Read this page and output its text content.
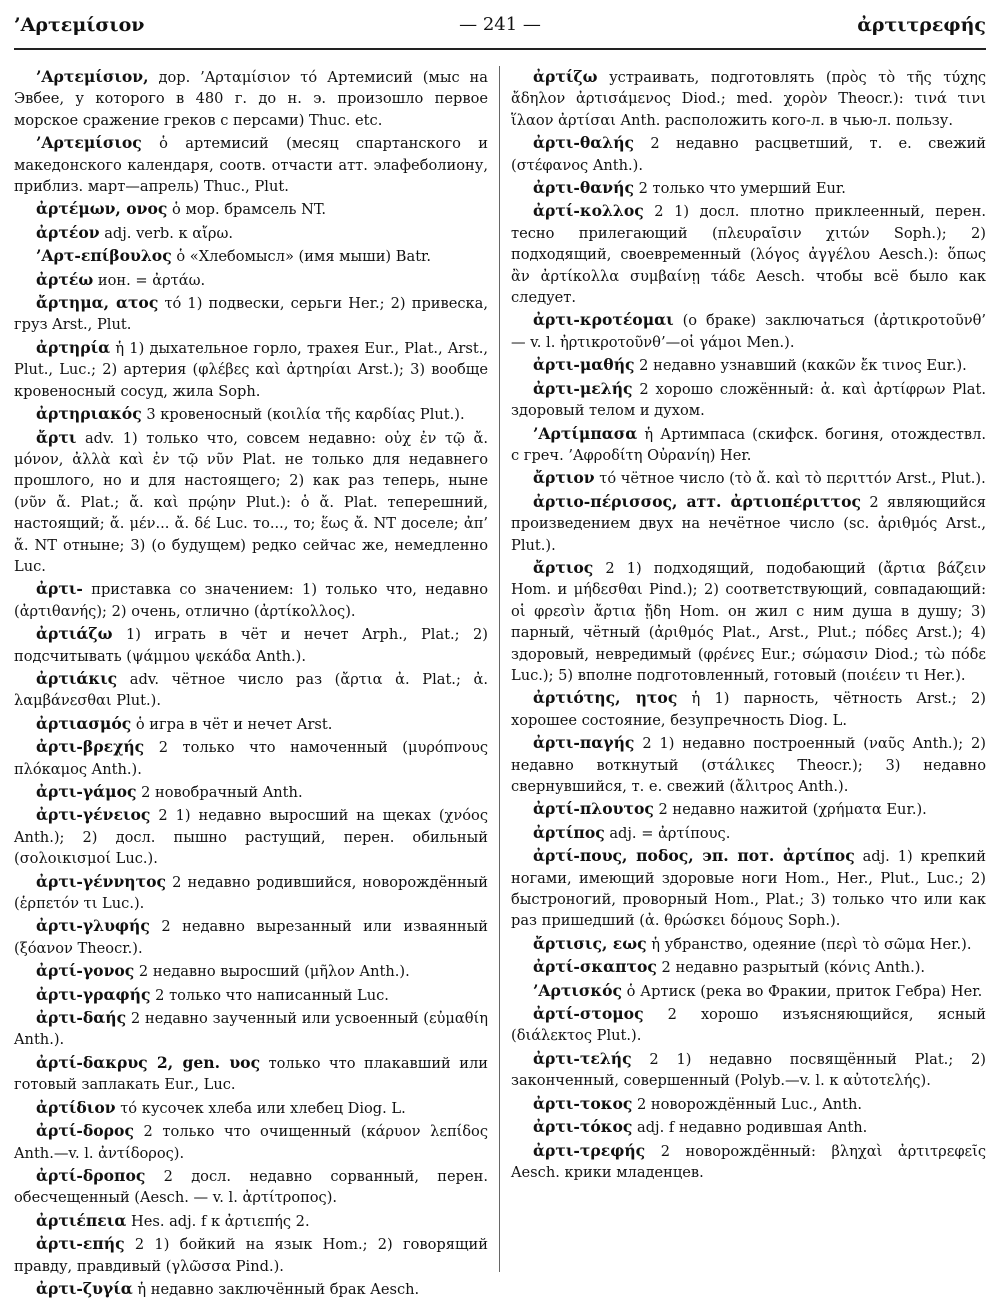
’Αρτεμίσιον	— 241 —	ἀρτιτρεφής

’Αρτεμίσιον, дор. ’Αρταμίσιον τό Артемисий (мыс на Эвбее, у которого в 480 г. до н. э. произошло первое морское сражение греков с персами) Thuc. etc.

’Αρτεμίσιος ὁ артемисий (месяц спартанского и македонского календаря, соотв. отчасти атт. элафеболиону, приблиз. март—апрель) Thuc., Plut.

ἀρτέμων, ονος ὁ мор. брамсель NT.

ἀρτέον adj. verb. к αἴρω.

’Αρτ-επίβουλος ὁ «Хлебомысл» (имя мыши) Batr.

ἀρτέω ион. = ἀρτάω.

ἄρτημα, ατος τό 1) подвески, серьги Her.; 2) привеска, груз Arst., Plut.

ἀρτηρία ἡ 1) дыхательное горло, трахея Eur., Plat., Arst., Plut., Luc.; 2) артерия (φλέβες καὶ ἀρτηρίαι Arst.); 3) вообще кровеносный сосуд, жила Soph.

ἀρτηριακός 3 кровеносный (κοιλία τῆς καρδίας Plut.).

ἄρτι adv. 1) только что, совсем недавно: οὐχ ἐν τῷ ἄ. μόνον, ἀλλὰ καὶ ἐν τῷ νῦν Plat. не только для недавнего прошлого, но и для настоящего; 2) как раз теперь, ныне (νῦν ἄ. Plat.; ἄ. καὶ πρῴην Plut.): ὁ ἄ. Plat. теперешний, настоящий; ἄ. μέν... ἄ. δέ Luc. то..., то; ἕως ἄ. NT доселе; ἀπ’ ἄ. NT отныне; 3) (о будущем) редко сейчас же, немедленно Luc.

ἀρτι- приставка со значением: 1) только что, недавно (ἀρτιθανής); 2) очень, отлично (ἀρτίκολλος).

ἀρτιάζω 1) играть в чёт и нечет Arph., Plat.; 2) подсчитывать (ψάμμου ψεκάδα Anth.).

ἀρτιάκις adv. чётное число раз (ἄρτια ἀ. Plat.; ἀ. λαμβάνεσθαι Plut.).

ἀρτιασμός ὁ игра в чёт и нечет Arst.

ἀρτι-βρεχής 2 только что намоченный (μυρόπνους πλόκαμος Anth.).

ἀρτι-γάμος 2 новобрачный Anth.

ἀρτι-γένειος 2 1) недавно выросший на щеках (χνόος Anth.); 2) досл. пышно растущий, перен. обильный (σολοικισμοί Luc.).

ἀρτι-γέννητος 2 недавно родившийся, новорождённый (ἑρπετόν τι Luc.).

ἀρτι-γλυφής 2 недавно вырезанный или изваянный (ξόανον Theocr.).

ἀρτί-γονος 2 недавно выросший (μῆλον Anth.).

ἀρτι-γραφής 2 только что написанный Luc.

ἀρτι-δαής 2 недавно заученный или усвоенный (εὐμαθίη Anth.).

ἀρτί-δακρυς 2, gen. υος только что плакавший или готовый заплакать Eur., Luc.

ἀρτίδιον τό кусочек хлеба или хлебец Diog. L.

ἀρτί-δορος 2 только что очищенный (κάρυον λεπίδος Anth.—v. l. ἀντίδορος).

ἀρτί-δροπος 2 досл. недавно сорванный, перен. обесчещенный (Aesch. — v. l. ἀρτίτροπος).

ἀρτιέπεια Hes. adj. f к ἀρτιεπής 2.

ἀρτι-επής 2 1) бойкий на язык Hom.; 2) говорящий правду, правдивый (γλῶσσα Pind.).

ἀρτι-ζυγία ἡ недавно заключённый брак Aesch.

ἀρτίζω устраивать, подготовлять (πρὸς τὸ τῆς τύχης ἄδηλον ἀρτισάμενος Diod.; med. χορὸν Theocr.): τινά τινι ἵλαον ἀρτίσαι Anth. расположить кого-л. в чью-л. пользу.

ἀρτι-θαλής 2 недавно расцветший, т. е. свежий (στέφανος Anth.).

ἀρτι-θανής 2 только что умерший Eur.

ἀρτί-κολλος 2 1) досл. плотно приклеенный, перен. тесно прилегающий (πλευραῖσιν χιτών Soph.); 2) подходящий, своевременный (λόγος ἀγγέλου Aesch.): ὅπως ἂν ἀρτίκολλα συμβαίνῃ τάδε Aesch. чтобы всё было как следует.

ἀρτι-κροτέομαι (о браке) заключаться (ἀρτικροτοῦνθ’ — v. l. ἠρτικροτοῦνθ’—οἱ γάμοι Men.).

ἀρτι-μαθής 2 недавно узнавший (κακῶν ἔκ τινος Eur.).

ἀρτι-μελής 2 хорошо сложённый: ἀ. καὶ ἀρτίφρων Plat. здоровый телом и духом.

’Αρτίμπασα ἡ Артимпаса (скифск. богиня, отождествл. с греч. ’Αφροδίτη Οὐρανίη) Her.

ἄρτιον τό чётное число (τὸ ἄ. καὶ τὸ περιττόν Arst., Plut.).

ἀρτιο-πέρισσος, атт. ἀρτιοπέριττος 2 являющийся произведением двух на нечётное число (sc. ἀριθμός Arst., Plut.).

ἄρτιος 2 1) подходящий, подобающий (ἄρτια βάζειν Hom. и μήδεσθαι Pind.); 2) соответствующий, совпадающий: οἱ φρεσὶν ἄρτια ᾔδη Hom. он жил с ним душа в душу; 3) парный, чётный (ἀριθμός Plat., Arst., Plut.; πόδες Arst.); 4) здоровый, невредимый (φρένες Eur.; σώμασιν Diod.; τὼ πόδε Luc.); 5) вполне подготовленный, готовый (ποιέειν τι Her.).

ἀρτιότης, ητος ἡ 1) парность, чётность Arst.; 2) хорошее состояние, безупречность Diog. L.

ἀρτι-παγής 2 1) недавно построенный (ναῦς Anth.); 2) недавно воткнутый (στάλικες Theocr.); 3) недавно свернувшийся, т. е. свежий (ἄλιτρος Anth.).

ἀρτί-πλουτος 2 недавно нажитой (χρήματα Eur.).

ἀρτίπος adj. = ἀρτίπους.

ἀρτί-πους, ποδος, эп. пот. ἀρτίπος adj. 1) крепкий ногами, имеющий здоровые ноги Hom., Her., Plut., Luc.; 2) быстроногий, проворный Hom., Plat.; 3) только что или как раз пришедший (ἀ. θρώσκει δόμους Soph.).

ἄρτισις, εως ἡ убранство, одеяние (περὶ τὸ σῶμα Her.).

ἀρτί-σκαπτος 2 недавно разрытый (κόνις Anth.).

’Αρτισκός ὁ Артиск (река во Фракии, приток Гебра) Her.

ἀρτί-στομος 2 хорошо изъясняющийся, ясный (διάλεκτος Plut.).

ἀρτι-τελής 2 1) недавно посвящённый Plat.; 2) законченный, совершенный (Polyb.—v. l. к αὐτοτελής).

ἀρτι-τοκος 2 новорождённый Luc., Anth.

ἀρτι-τόκος adj. f недавно родившая Anth.

ἀρτι-τρεφής 2 новорождённый: βληχαὶ ἀρτιτρεφεῖς Aesch. крики младенцев.
